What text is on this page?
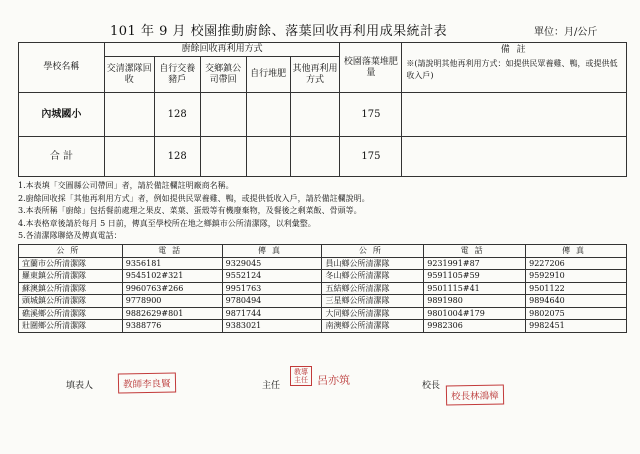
101 年 9 月 校園推動廚餘、落葉回收再利用成果統計表	單位：月/公斤
學校名稱	廚餘回收再利用方式					校園落葉堆肥量	備 註
※(請說明其他再利用方式：如提供民眾養雞、鴨，或提供低收入戶)

	交清潔隊回收	自行交養豬戶	交鄉鎮公司帶回	自行堆肥	其他再利用方式		
內城國小		128				175	
合 計		128				175	
1.本表填「交圓縣公司帶回」者，請於備註欄註明廠商名稱。
2.廚餘回收採「其他再利用方式」者，例如提供民眾養雞、鴨，或提供低收入戶，請於備註欄說明。
3.本表所稱「廚餘」包括餐前處理之果皮、菜葉、蛋殼等有機廢棄物，及餐後之剩菜飯、骨頭等。
4.本表格章後請於每月 5 日前，傳真至學校所在地之鄉鎮市公所清潔隊，以利彙整。
5.各清潔隊聯絡及傳真電話：
公所	電話	傳真	公所	電話	傳真
宜蘭市公所清潔隊	9356181	9329045	員山鄉公所清潔隊	9231991#87	9227206
羅東鎮公所清潔隊	9545102#321	9552124	冬山鄉公所清潔隊	9591105#59	9592910
蘇澳鎮公所清潔隊	9960763#266	9951763	五結鄉公所清潔隊	9501115#41	9501122
頭城鎮公所清潔隊	9778900	9780494	三星鄉公所清潔隊	9891980	9894640
礁溪鄉公所清潔隊	9882629#801	9871744	大同鄉公所清潔隊	9801004#179	9802075
壯圍鄉公所清潔隊	9388776	9383021	南澳鄉公所清潔隊	9982306	9982451
填表人	教師李良賢	主任
教導主任 呂亦筑	校長
校長林鴻樟
